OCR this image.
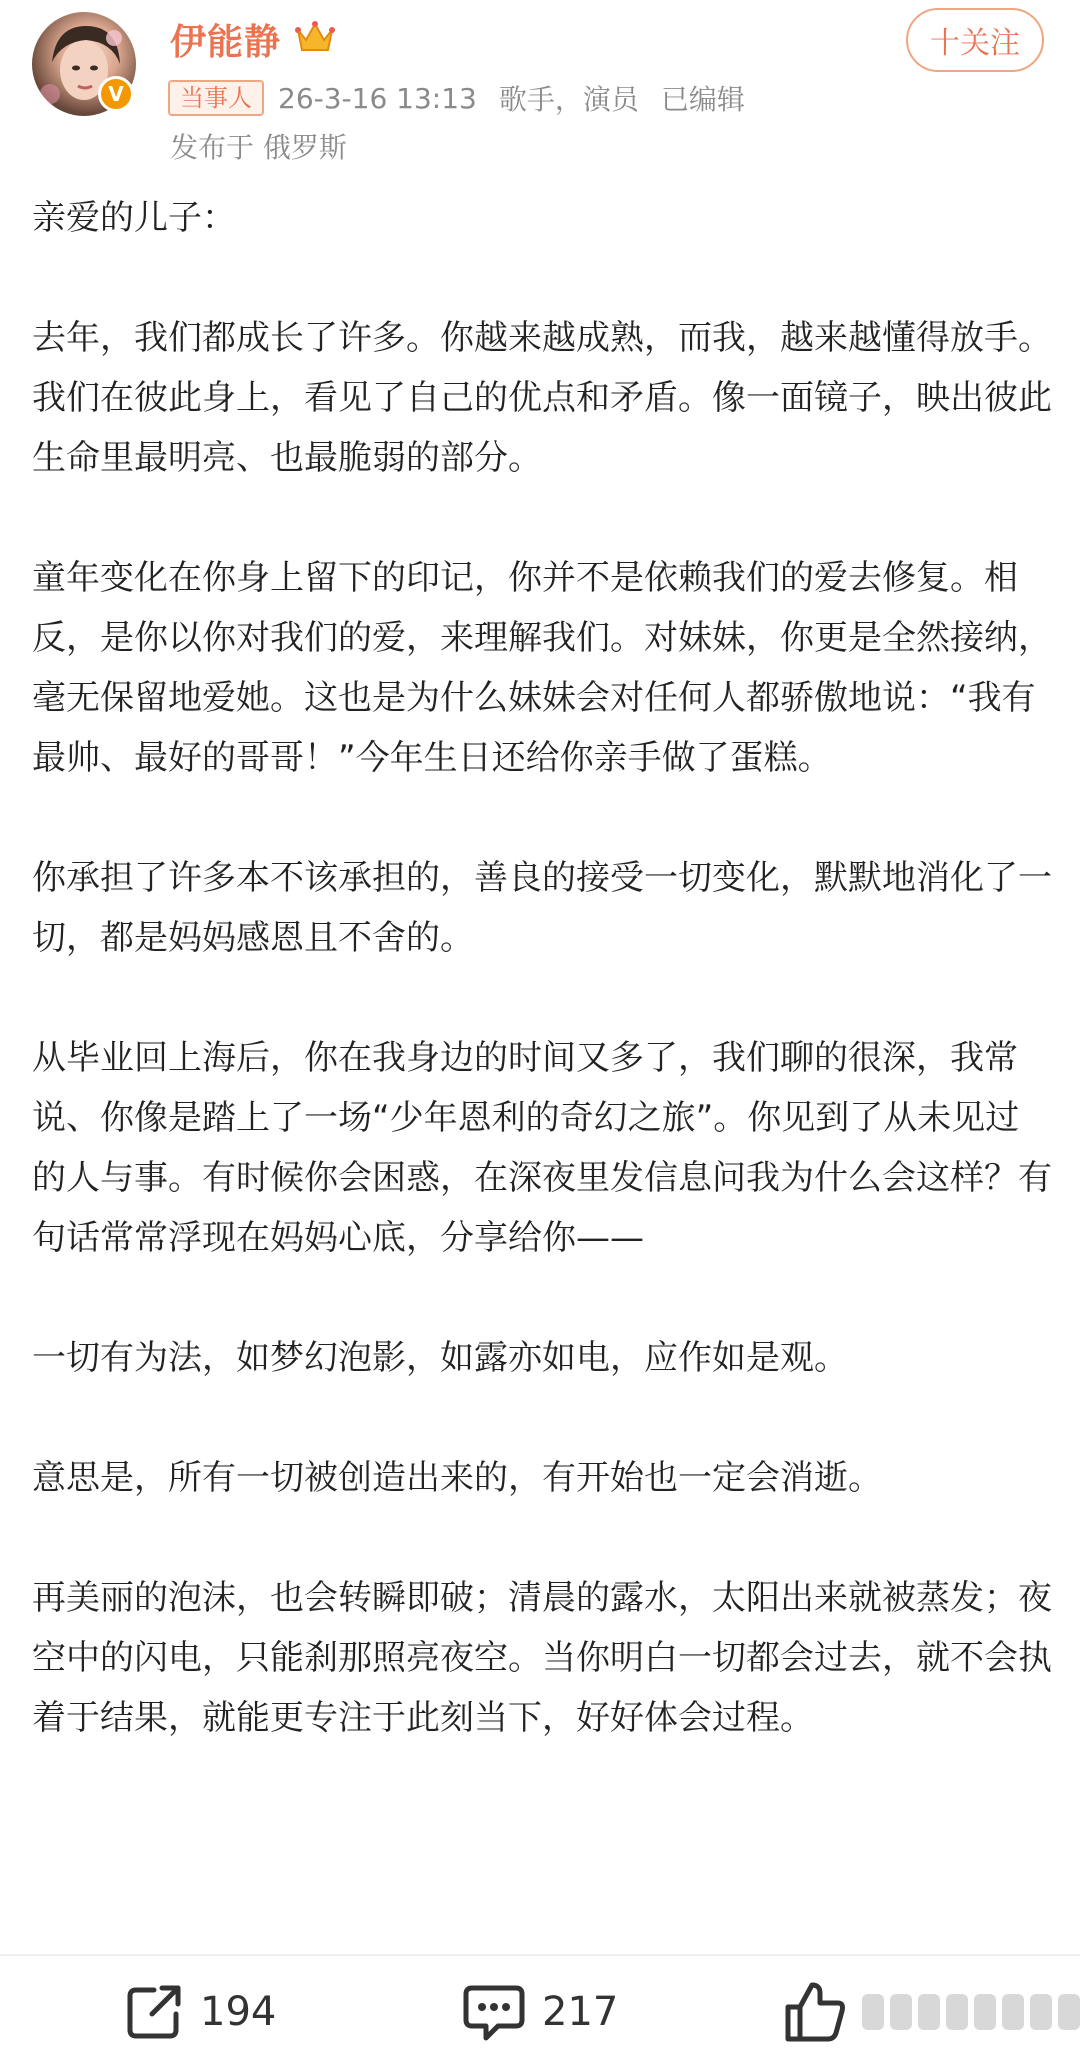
V
伊能静	十关注
当事人 26-3-16 13:13 歌手，演员 已编辑
发布于 俄罗斯

亲爱的儿子：

去年，我们都成长了许多。你越来越成熟，而我，越来越懂得放手。我们在彼此身上，看见了自己的优点和矛盾。像一面镜子，映出彼此生命里最明亮、也最脆弱的部分。

童年变化在你身上留下的印记，你并不是依赖我们的爱去修复。相反，是你以你对我们的爱，来理解我们。对妹妹，你更是全然接纳，毫无保留地爱她。这也是为什么妹妹会对任何人都骄傲地说：“我有最帅、最好的哥哥！”今年生日还给你亲手做了蛋糕。

你承担了许多本不该承担的，善良的接受一切变化，默默地消化了一切，都是妈妈感恩且不舍的。

从毕业回上海后，你在我身边的时间又多了，我们聊的很深，我常说、你像是踏上了一场“少年恩利的奇幻之旅”。你见到了从未见过的人与事。有时候你会困惑，在深夜里发信息问我为什么会这样？有句话常常浮现在妈妈心底，分享给你——

一切有为法，如梦幻泡影，如露亦如电，应作如是观。

意思是，所有一切被创造出来的，有开始也一定会消逝。

再美丽的泡沫，也会转瞬即破；清晨的露水，太阳出来就被蒸发；夜空中的闪电，只能刹那照亮夜空。当你明白一切都会过去，就不会执着于结果，就能更专注于此刻当下，好好体会过程。

194	217
